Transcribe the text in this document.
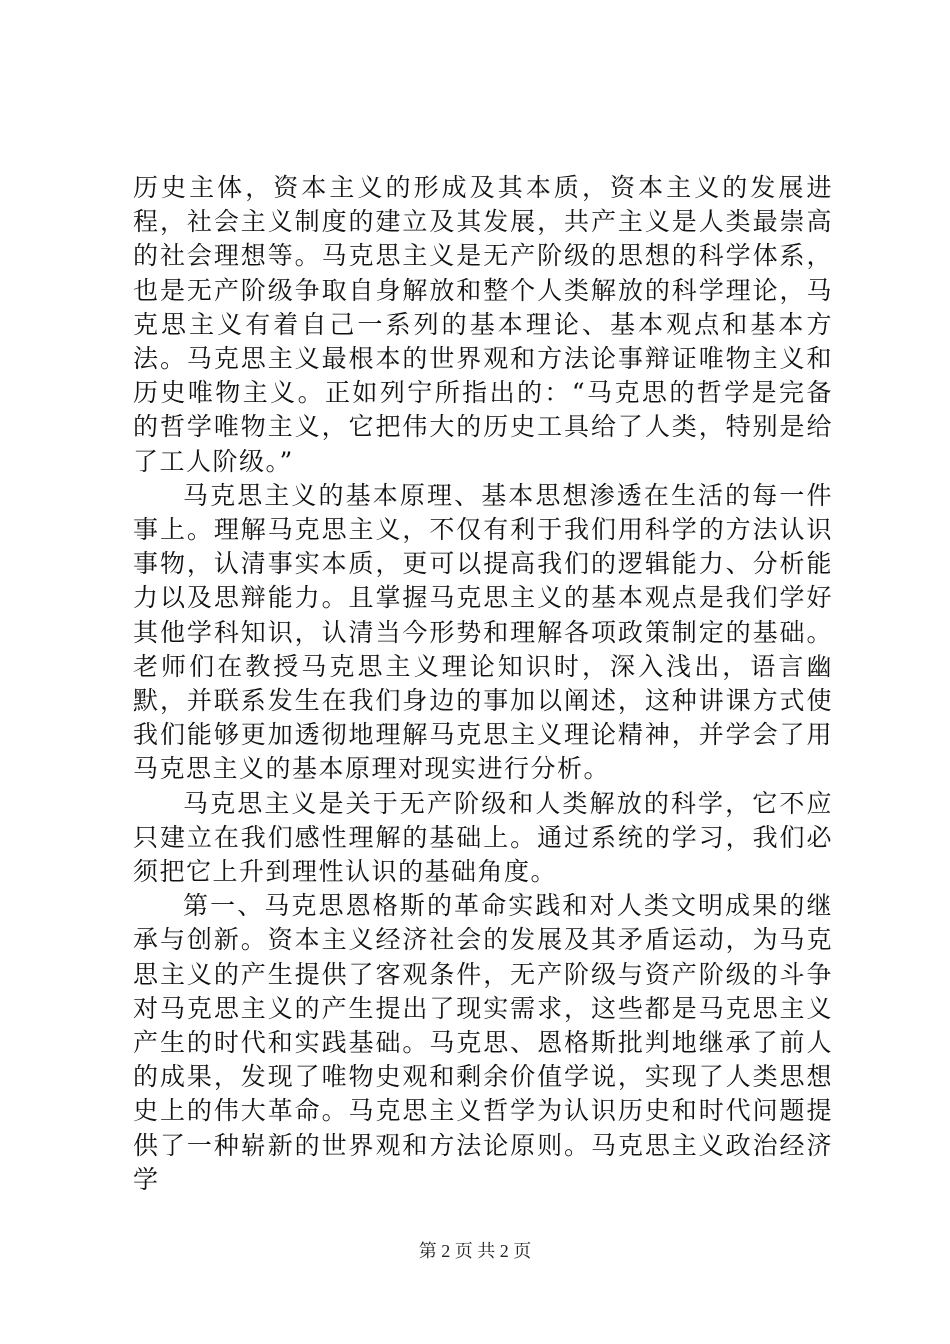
历史主体，资本主义的形成及其本质，资本主义的发展进程，社会主义制度的建立及其发展，共产主义是人类最崇高的社会理想等。马克思主义是无产阶级的思想的科学体系，也是无产阶级争取自身解放和整个人类解放的科学理论，马克思主义有着自己一系列的基本理论、基本观点和基本方法。马克思主义最根本的世界观和方法论事辩证唯物主义和历史唯物主义。正如列宁所指出的：“马克思的哲学是完备的哲学唯物主义，它把伟大的历史工具给了人类，特别是给了工人阶级。”

马克思主义的基本原理、基本思想渗透在生活的每一件事上。理解马克思主义，不仅有利于我们用科学的方法认识事物，认清事实本质，更可以提高我们的逻辑能力、分析能力以及思辩能力。且掌握马克思主义的基本观点是我们学好其他学科知识，认清当今形势和理解各项政策制定的基础。老师们在教授马克思主义理论知识时，深入浅出，语言幽默，并联系发生在我们身边的事加以阐述，这种讲课方式使我们能够更加透彻地理解马克思主义理论精神，并学会了用马克思主义的基本原理对现实进行分析。

马克思主义是关于无产阶级和人类解放的科学，它不应只建立在我们感性理解的基础上。通过系统的学习，我们必须把它上升到理性认识的基础角度。

第一、马克思恩格斯的革命实践和对人类文明成果的继承与创新。资本主义经济社会的发展及其矛盾运动，为马克思主义的产生提供了客观条件，无产阶级与资产阶级的斗争对马克思主义的产生提出了现实需求，这些都是马克思主义产生的时代和实践基础。马克思、恩格斯批判地继承了前人的成果，发现了唯物史观和剩余价值学说，实现了人类思想史上的伟大革命。马克思主义哲学为认识历史和时代问题提供了一种崭新的世界观和方法论原则。马克思主义政治经济学

第 2 页 共 2 页
